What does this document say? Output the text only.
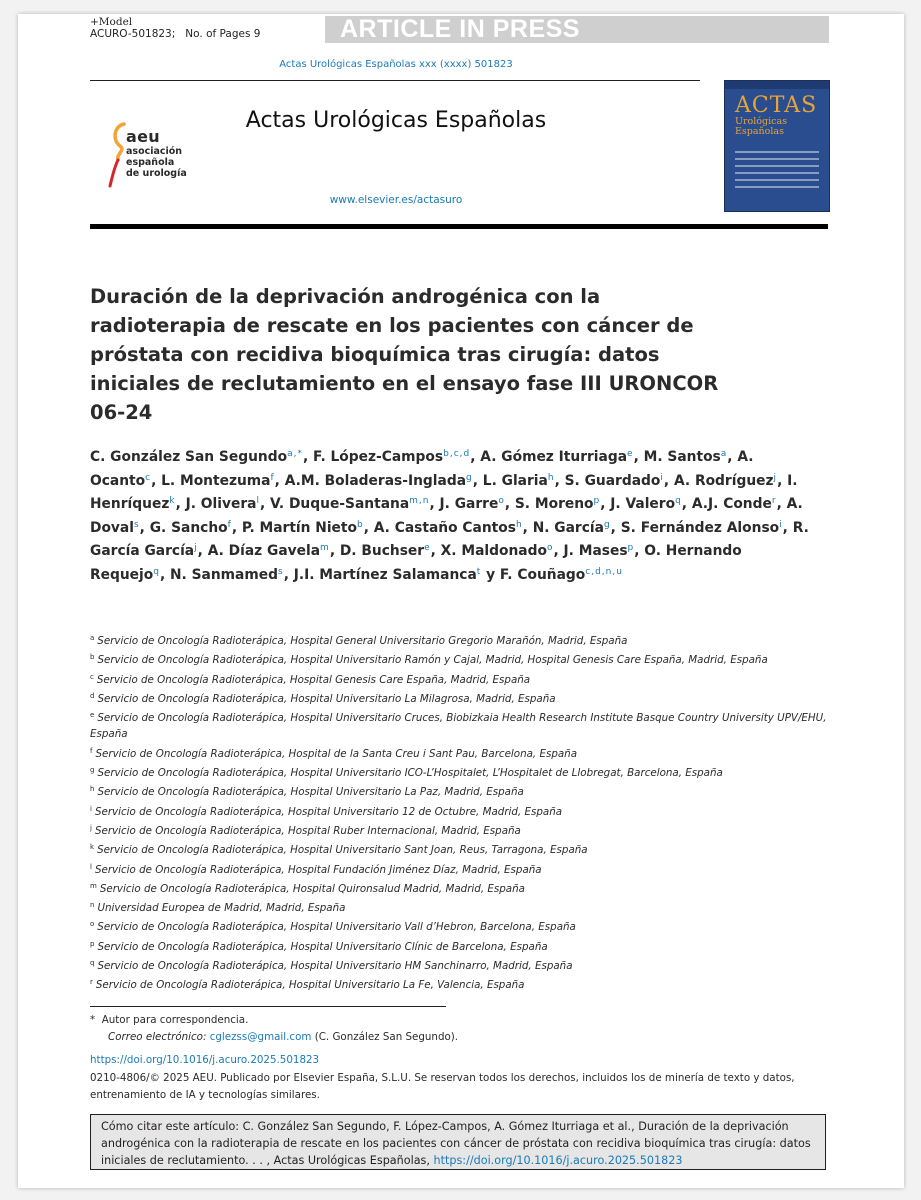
+Model
ACURO-501823; No. of Pages 9	ARTICLE IN PRESS
Actas Urológicas Españolas xxx (xxxx) 501823
aeu
asociación
española
de urología
Actas Urológicas Españolas
www.elsevier.es/actasuro
ACTAS
Urológicas Españolas
Duración de la deprivación androgénica con la radioterapia de rescate en los pacientes con cáncer de próstata con recidiva bioquímica tras cirugía: datos iniciales de reclutamiento en el ensayo fase III URONCOR 06-24
C. González San Segundo$^{a,*}$, F. López-Campos$^{b,c,d}$, A. Gómez Iturriaga$^e$, M. Santos$^a$, A. Ocanto$^c$, L. Montezuma$^f$, A.M. Boladeras-Inglada$^g$, L. Glaria$^h$, S. Guardado$^i$, A. Rodríguez$^j$, I. Henríquez$^k$, J. Olivera$^l$, V. Duque-Santana$^{m,n}$, J. Garre$^o$, S. Moreno$^p$, J. Valero$^q$, A.J. Conde$^r$, A. Doval$^s$, G. Sancho$^f$, P. Martín Nieto$^b$, A. Castaño Cantos$^h$, N. García$^g$, S. Fernández Alonso$^i$, R. García García$^j$, A. Díaz Gavela$^m$, D. Buchser$^e$, X. Maldonado$^o$, J. Mases$^p$, O. Hernando Requejo$^q$, N. Sanmamed$^s$, J.I. Martínez Salamanca$^t$ y F. Couñago$^{c,d,n,u}$
$^a$ Servicio de Oncología Radioterápica, Hospital General Universitario Gregorio Marañón, Madrid, España
$^b$ Servicio de Oncología Radioterápica, Hospital Universitario Ramón y Cajal, Madrid, Hospital Genesis Care España, Madrid, España
$^c$ Servicio de Oncología Radioterápica, Hospital Genesis Care España, Madrid, España
$^d$ Servicio de Oncología Radioterápica, Hospital Universitario La Milagrosa, Madrid, España
$^e$ Servicio de Oncología Radioterápica, Hospital Universitario Cruces, Biobizkaia Health Research Institute Basque Country University UPV/EHU, España
$^f$ Servicio de Oncología Radioterápica, Hospital de la Santa Creu i Sant Pau, Barcelona, España
$^g$ Servicio de Oncología Radioterápica, Hospital Universitario ICO-L’Hospitalet, L’Hospitalet de Llobregat, Barcelona, España
$^h$ Servicio de Oncología Radioterápica, Hospital Universitario La Paz, Madrid, España
$^i$ Servicio de Oncología Radioterápica, Hospital Universitario 12 de Octubre, Madrid, España
$^j$ Servicio de Oncología Radioterápica, Hospital Ruber Internacional, Madrid, España
$^k$ Servicio de Oncología Radioterápica, Hospital Universitario Sant Joan, Reus, Tarragona, España
$^l$ Servicio de Oncología Radioterápica, Hospital Fundación Jiménez Díaz, Madrid, España
$^m$ Servicio de Oncología Radioterápica, Hospital Quironsalud Madrid, Madrid, España
$^n$ Universidad Europea de Madrid, Madrid, España
$^o$ Servicio de Oncología Radioterápica, Hospital Universitario Vall d’Hebron, Barcelona, España
$^p$ Servicio de Oncología Radioterápica, Hospital Universitario Clínic de Barcelona, España
$^q$ Servicio de Oncología Radioterápica, Hospital Universitario HM Sanchinarro, Madrid, España
$^r$ Servicio de Oncología Radioterápica, Hospital Universitario La Fe, Valencia, España
* Autor para correspondencia.
Correo electrónico: cglezss@gmail.com (C. González San Segundo).
https://doi.org/10.1016/j.acuro.2025.501823
0210-4806/© 2025 AEU. Publicado por Elsevier España, S.L.U. Se reservan todos los derechos, incluidos los de minería de texto y datos, entrenamiento de IA y tecnologías similares.
Cómo citar este artículo: C. González San Segundo, F. López-Campos, A. Gómez Iturriaga et al., Duración de la deprivación androgénica con la radioterapia de rescate en los pacientes con cáncer de próstata con recidiva bioquímica tras cirugía: datos iniciales de reclutamiento. . . , Actas Urológicas Españolas, https://doi.org/10.1016/j.acuro.2025.501823
